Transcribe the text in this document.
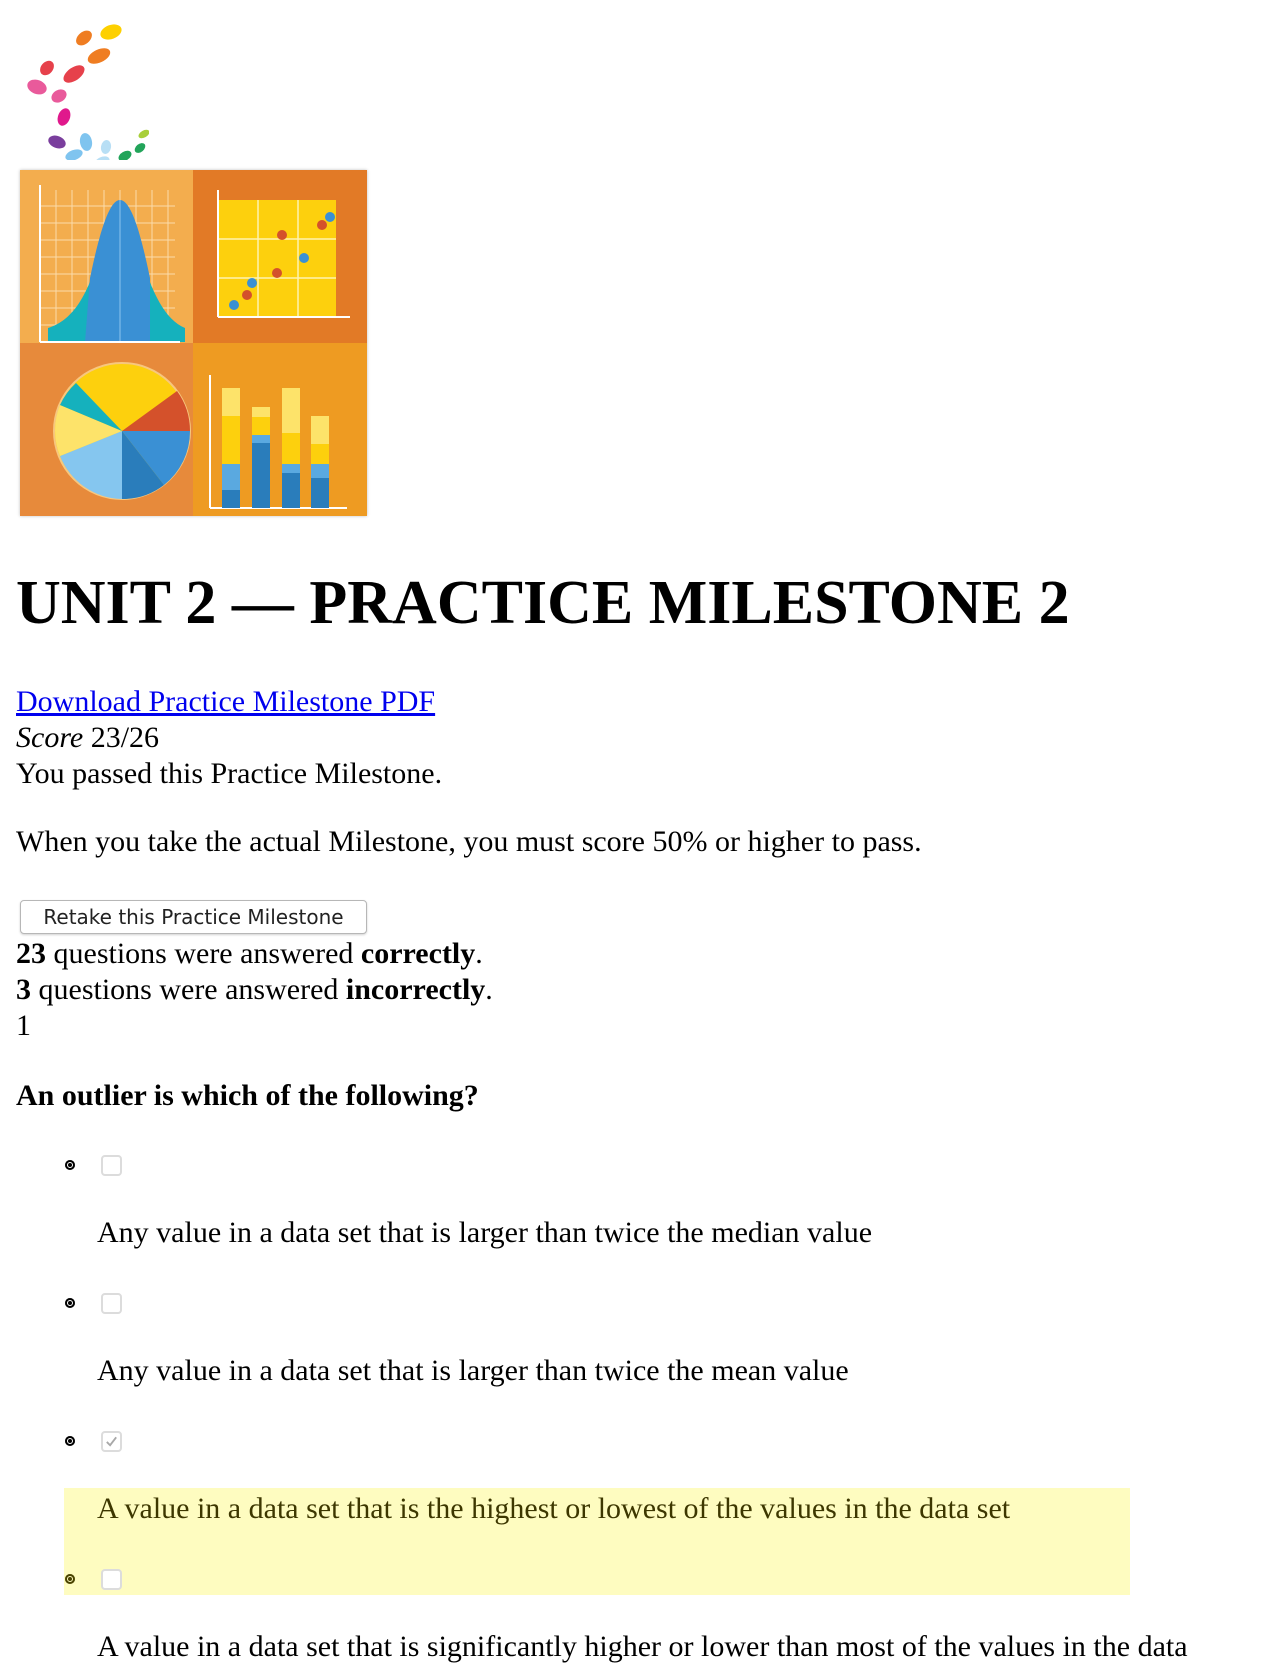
UNIT 2 — PRACTICE MILESTONE 2
Download Practice Milestone PDF
Score 23/26
You passed this Practice Milestone.
When you take the actual Milestone, you must score 50% or higher to pass.
Retake this Practice Milestone
23 questions were answered correctly.
3 questions were answered incorrectly.
1
An outlier is which of the following?
Any value in a data set that is larger than twice the median value
Any value in a data set that is larger than twice the mean value
A value in a data set that is the highest or lowest of the values in the data set
A value in a data set that is significantly higher or lower than most of the values in the data
